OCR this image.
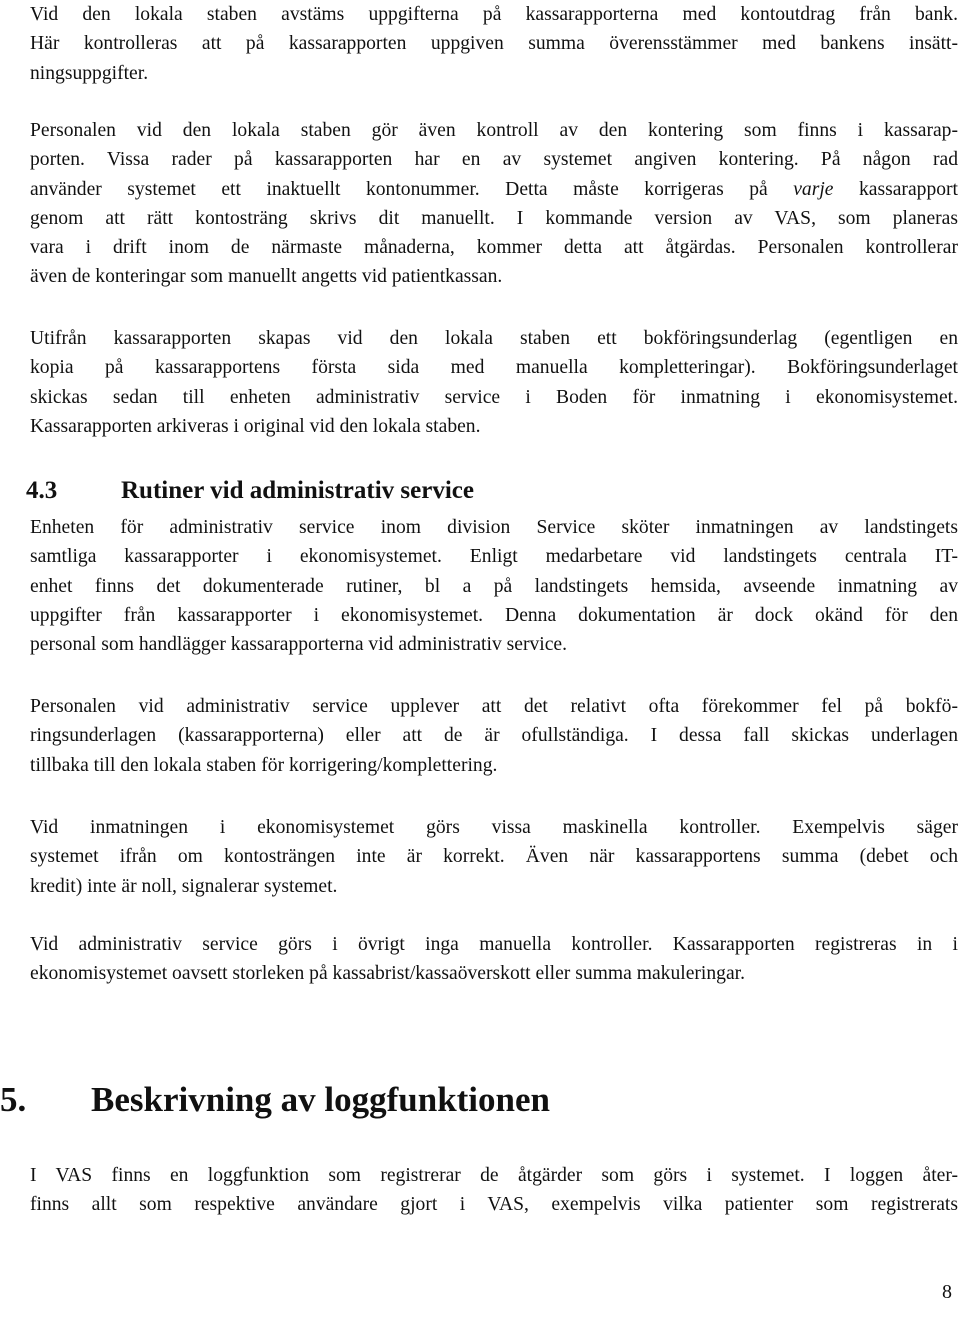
Vid den lokala staben avstäms uppgifterna på kassarapporterna med kontoutdrag från bank.
Här kontrolleras att på kassarapporten uppgiven summa överensstämmer med bankens insätt-
ningsuppgifter.

Personalen vid den lokala staben gör även kontroll av den kontering som finns i kassarap-
porten. Vissa rader på kassarapporten har en av systemet angiven kontering. På någon rad
använder systemet ett inaktuellt kontonummer. Detta måste korrigeras på varje kassarapport
genom att rätt kontosträng skrivs dit manuellt. I kommande version av VAS, som planeras
vara i drift inom de närmaste månaderna, kommer detta att åtgärdas. Personalen kontrollerar
även de konteringar som manuellt angetts vid patientkassan.

Utifrån kassarapporten skapas vid den lokala staben ett bokföringsunderlag (egentligen en
kopia på kassarapportens första sida med manuella kompletteringar). Bokföringsunderlaget
skickas sedan till enheten administrativ service i Boden för inmatning i ekonomisystemet.
Kassarapporten arkiveras i original vid den lokala staben.

4.3	Rutiner vid administrativ service

Enheten för administrativ service inom division Service sköter inmatningen av landstingets
samtliga kassarapporter i ekonomisystemet. Enligt medarbetare vid landstingets centrala IT-
enhet finns det dokumenterade rutiner, bl a på landstingets hemsida, avseende inmatning av
uppgifter från kassarapporter i ekonomisystemet. Denna dokumentation är dock okänd för den
personal som handlägger kassarapporterna vid administrativ service.

Personalen vid administrativ service upplever att det relativt ofta förekommer fel på bokfö-
ringsunderlagen (kassarapporterna) eller att de är ofullständiga. I dessa fall skickas underlagen
tillbaka till den lokala staben för korrigering/komplettering.

Vid inmatningen i ekonomisystemet görs vissa maskinella kontroller. Exempelvis säger
systemet ifrån om kontosträngen inte är korrekt. Även när kassarapportens summa (debet och
kredit) inte är noll, signalerar systemet.

Vid administrativ service görs i övrigt inga manuella kontroller. Kassarapporten registreras in i
ekonomisystemet oavsett storleken på kassabrist/kassaöverskott eller summa makuleringar.

5. Beskrivning av loggfunktionen

I VAS finns en loggfunktion som registrerar de åtgärder som görs i systemet. I loggen åter-
finns allt som respektive användare gjort i VAS, exempelvis vilka patienter som registrerats

8
